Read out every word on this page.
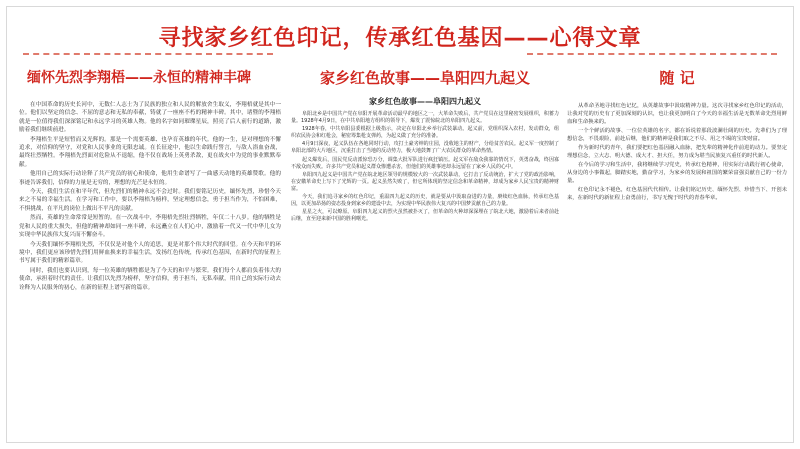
寻找家乡红色印记，传承红色基因——心得文章
缅怀先烈李翔梧——永恒的精神丰碑

在中国革命的历史长河中，无数仁人志士为了民族的独立和人民的解放舍生取义，李翔梧就是其中一位。他们以坚定的信念、不屈的意志和无私的奉献，铸就了一座座不朽的精神丰碑。其中，诸暨的李翔梧就是一位值得我们深深铭记和永远学习的英雄人物。他的名字如同璀璨星辰，照亮了后人前行的道路，激励着我们继续前进。

李翔梧生平是短暂而又光辉的。那是一个需要英雄、也孕育英雄的年代。他的一生，是对理想的不懈追求，对信仰的坚守，对党和人民事业的无限忠诚。在长征途中，他以生命践行誓言，与敌人浴血奋战，最终壮烈牺牲。李翔梧先烈面对危险从不退缩，他不仅在战场上英勇杀敌，更在战火中为党的事业默默奉献。

他用自己的实际行动诠释了共产党员的初心和使命，他用生命谱写了一曲感天动地的英雄赞歌。他的事迹告诉我们，信仰的力量是无穷的，理想的光芒是永恒的。

今天，我们生活在和平年代，但先烈们的精神永远不会过时。我们要铭记历史，缅怀先烈，珍惜今天来之不易的幸福生活。在学习和工作中，要以李翔梧为榜样，坚定理想信念，勇于担当作为，不怕困难，不惧挑战，在平凡的岗位上做出不平凡的贡献。

然而，英雄的生命常常是短暂的。在一次战斗中，李翔梧先烈壮烈牺牲，年仅二十八岁。他的牺牲是党和人民的重大损失，但他的精神却如同一座丰碑，永远矗立在人们心中，激励着一代又一代中华儿女为实现中华民族伟大复兴而不懈奋斗。

今天我们缅怀李翔梧先烈，不仅仅是对他个人的追思，更是对那个伟大时代的回望。在今天和平的环境中，我们更应该珍惜先烈们用鲜血换来的幸福生活，发扬红色传统，传承红色基因，在新时代的征程上书写属于我们的精彩篇章。

同时，我们也要认识到，每一位英雄的牺牲都是为了今天的和平与繁荣。我们每个人都肩负着伟大的使命，承担着时代的责任。让我们以先烈为榜样，坚守信仰，勇于担当，无私奉献，用自己的实际行动去诠释为人民服务的初心，在新的征程上谱写新的篇章。

家乡红色故事——阜阳四九起义
家乡红色故事——阜阳四九起义

阜阳北乡是中国共产党在阜阳开展革命活动最早的地区之一，大革命失败后，共产党员在这里秘密发展组织，积蓄力量。1928年4月9日，在中共阜阳地方组织的领导下，爆发了震惊皖北的阜阳四九起义。

1928年春，中共阜阳县委根据上级指示，决定在阜阳北乡举行武装暴动。起义前，党组织深入农村，发动群众，组织农民协会和红枪会，秘密筹集枪支弹药，为起义做了充分的准备。

4月9日深夜，起义队伍在各地同时行动，攻打土豪劣绅的庄园，没收地主的财产，分给贫苦农民。起义军一度控制了阜阳北部的大片地区，沉重打击了当地的反动势力，极大地鼓舞了广大农民群众的革命热情。

起义爆发后，国民党反动派惊恐万分，调集大批军队进行疯狂镇压。起义军在敌众我寡的情况下，英勇奋战，终因寡不敌众而失败。许多共产党员和起义群众惨遭杀害，但他们的英雄事迹却永远留在了家乡人民的心中。

阜阳四九起义是中国共产党在皖北地区领导的规模较大的一次武装暴动，它打击了反动统治，扩大了党的政治影响，在安徽革命史上写下了光辉的一页。起义虽然失败了，但它所体现的坚定信念和革命精神，却成为家乡人民宝贵的精神财富。

今天，我们追寻家乡的红色印记，重温四九起义的历史，就是要从中汲取奋进的力量，赓续红色血脉，传承红色基因，以更加昂扬的姿态投身到家乡的建设中去，为实现中华民族伟大复兴的中国梦贡献自己的力量。

星星之火，可以燎原。阜阳四九起义的烈火虽然被扑灭了，但革命的火种却深深埋在了皖北大地，激励着后来者前赴后继，直至迎来新中国的胜利曙光。

随 记

从革命圣地寻找红色记忆，从英雄故事中汲取精神力量。这次寻找家乡红色印记的活动，让我对党的历史有了更加深刻的认识，也让我更加明白了今天的幸福生活是无数革命先烈用鲜血和生命换来的。

一个个鲜活的故事、一位位英雄的名字，都在诉说着那段波澜壮阔的历史。先辈们为了理想信念，不畏艰险，前赴后继，他们的精神是我们取之不尽、用之不竭的宝贵财富。

作为新时代的青年，我们要把红色基因融入血脉，把先辈的精神化作前进的动力。要坚定理想信念，立大志、明大德、成大才、担大任，努力成为堪当民族复兴重任的时代新人。

在今后的学习和生活中，我将继续学习党史，传承红色精神，用实际行动践行初心使命，从身边的小事做起，脚踏实地，勤奋学习，为家乡的发展和祖国的繁荣富强贡献自己的一份力量。

红色印记永不褪色，红色基因代代相传。让我们铭记历史、缅怀先烈、珍惜当下、开创未来，在新时代的新征程上奋勇前行，书写无愧于时代的青春华章。
